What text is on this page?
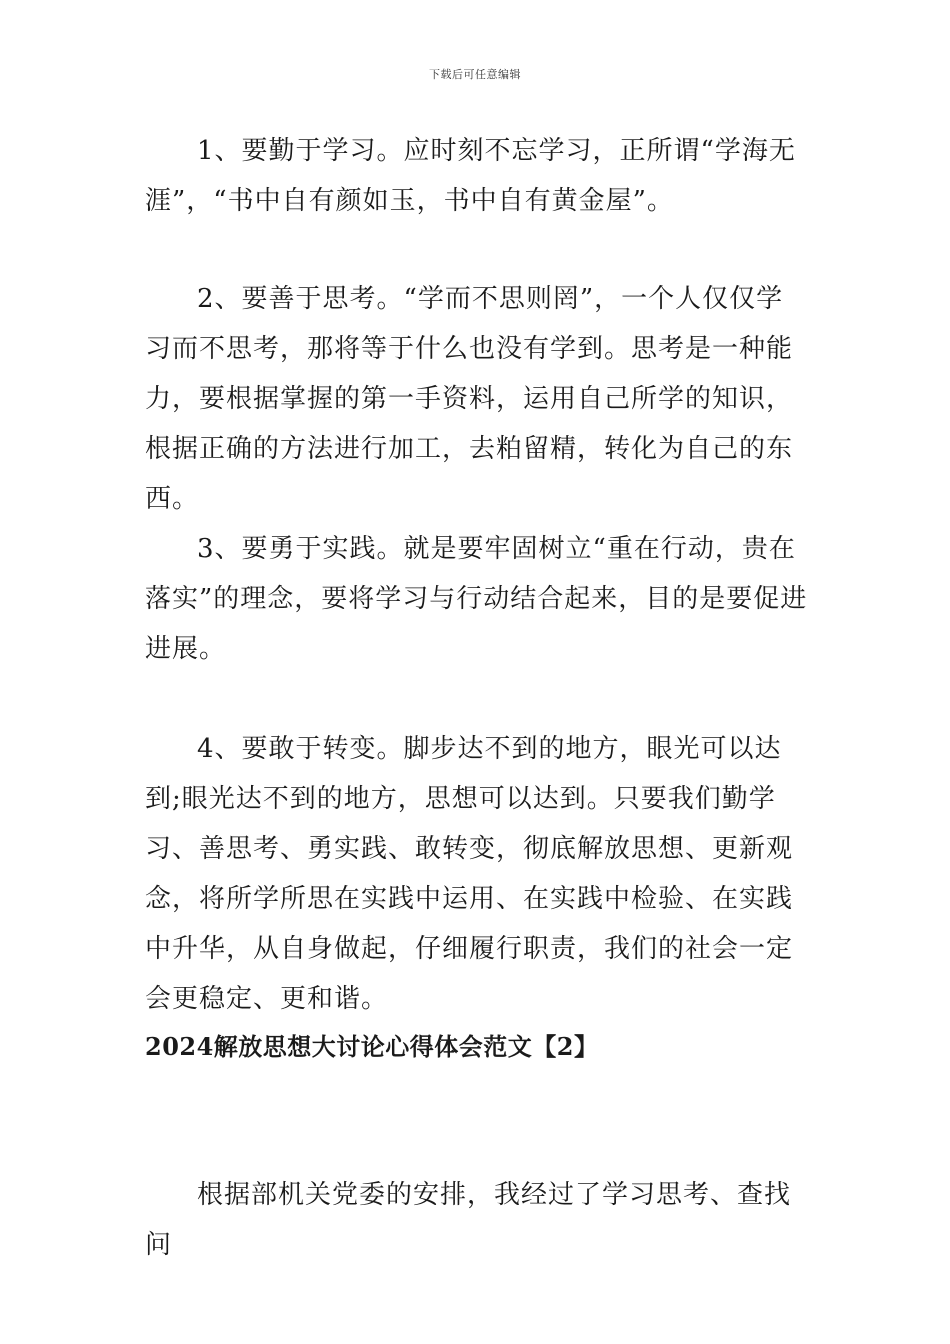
下载后可任意编辑

1、要勤于学习。应时刻不忘学习，正所谓“学海无涯”，“书中自有颜如玉，书中自有黄金屋”。

2、要善于思考。“学而不思则罔”，一个人仅仅学习而不思考，那将等于什么也没有学到。思考是一种能力，要根据掌握的第一手资料，运用自己所学的知识，根据正确的方法进行加工，去粕留精，转化为自己的东西。

3、要勇于实践。就是要牢固树立“重在行动，贵在落实”的理念，要将学习与行动结合起来，目的是要促进进展。

4、要敢于转变。脚步达不到的地方，眼光可以达到;眼光达不到的地方，思想可以达到。只要我们勤学习、善思考、勇实践、敢转变，彻底解放思想、更新观念，将所学所思在实践中运用、在实践中检验、在实践中升华，从自身做起，仔细履行职责，我们的社会一定会更稳定、更和谐。

2024解放思想大讨论心得体会范文【2】

根据部机关党委的安排，我经过了学习思考、查找问
